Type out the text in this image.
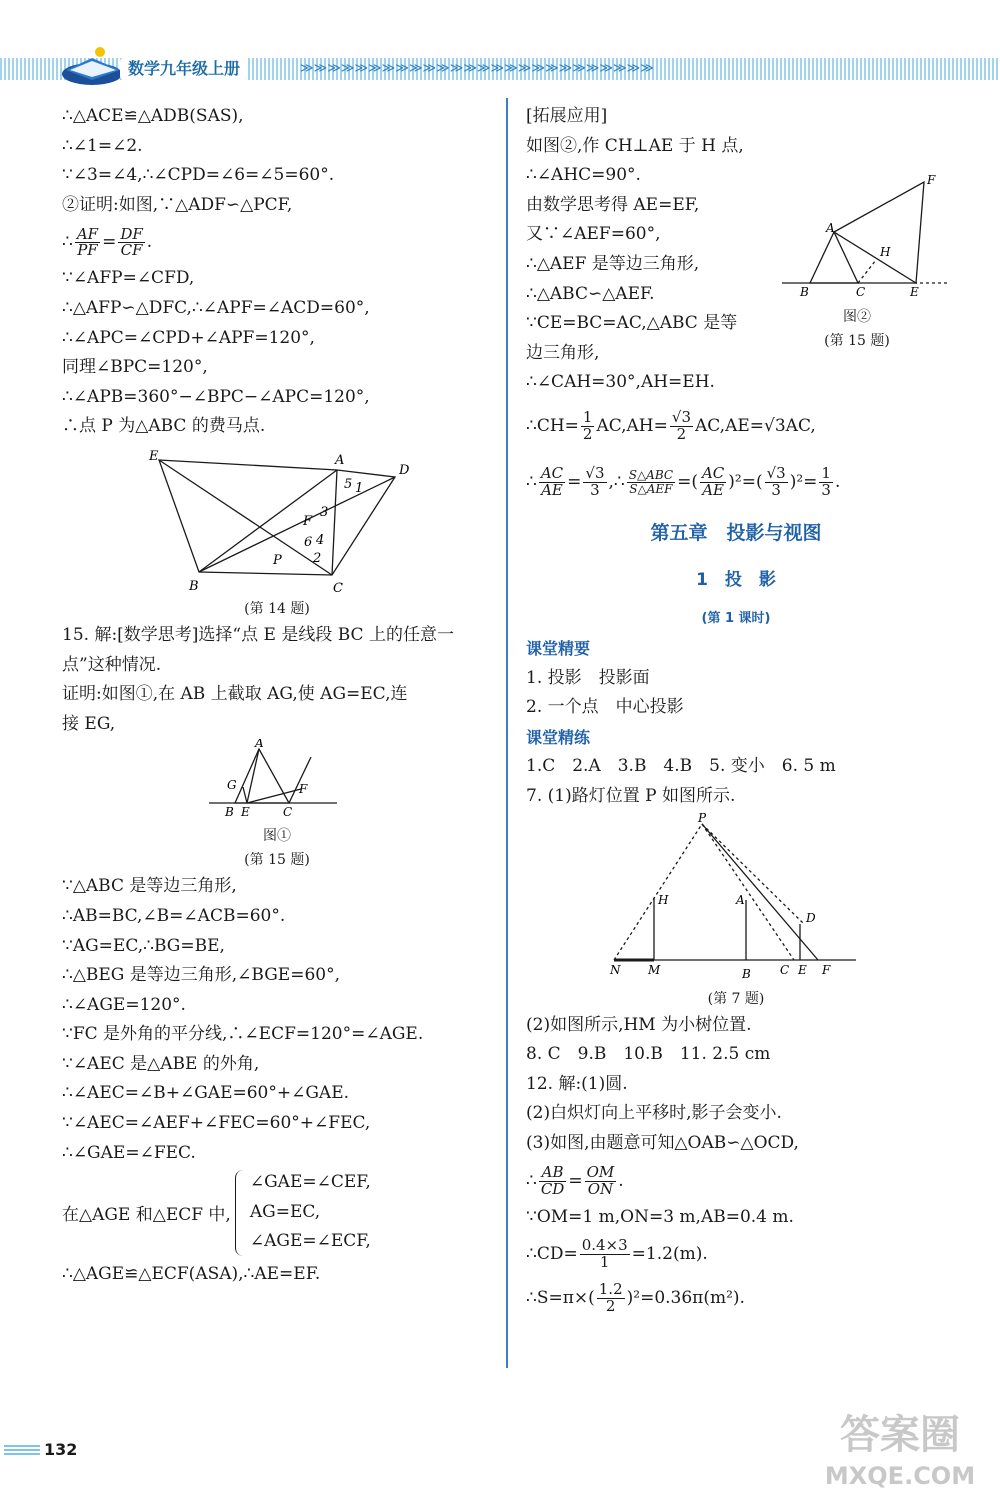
数学九年级上册	≫≫≫≫≫≫≫≫≫≫≫≫≫≫≫≫≫≫≫≫≫≫≫≫≫≫
∴△ACE≌△ADB(SAS),
∴∠1=∠2.
∵∠3=∠4,∴∠CPD=∠6=∠5=60°.
②证明:如图,∵△ADF∽△PCF,
∴ $\frac{AF}{PF} = \frac{DF}{CF}$ .
∵∠AFP=∠CFD,
∴△AFP∽△DFC,∴∠APF=∠ACD=60°,
∴∠APC=∠CPD+∠APF=120°,
同理∠BPC=120°,
∴∠APB=360°−∠BPC−∠APC=120°,
∴点 P 为△ABC 的费马点.
E	A
D
B	C
P
F
1
2
3
4
5
6
(第 14 题)
15. 解:[数学思考]选择“点 E 是线段 BC 上的任意一
点”这种情况.
证明:如图①,在 AB 上截取 AG,使 AG=EC,连
接 EG,
A
G	F
B E	C
图①
(第 15 题)
∵△ABC 是等边三角形,
∴AB=BC,∠B=∠ACB=60°.
∵AG=EC,∴BG=BE,
∴△BEG 是等边三角形,∠BGE=60°,
∴∠AGE=120°.
∵FC 是外角的平分线,∴∠ECF=120°=∠AGE.
∵∠AEC 是△ABE 的外角,
∴∠AEC=∠B+∠GAE=60°+∠GAE.
∵∠AEC=∠AEF+∠FEC=60°+∠FEC,
∴∠GAE=∠FEC.
在△AGE 和△ECF 中,
∠GAE=∠CEF,
AG=EC,
∠AGE=∠ECF,
∴△AGE≌△ECF(ASA),∴AE=EF.
[拓展应用]
如图②,作 CH⊥AE 于 H 点,
∴∠AHC=90°.
由数学思考得 AE=EF,
又∵∠AEF=60°,
∴△AEF 是等边三角形,
∴△ABC∽△AEF.
∵CE=BC=AC,△ABC 是等
边三角形,
∴∠CAH=30°,AH=EH.
F
A
H
B	C	E
图②
(第 15 题)
∴CH= $\frac{1}{2} AC,AH= \frac{√3}{2} AC,AE=√3AC$,
∴ $\frac{AC}{AE} = \frac{√3}{3}$ ,∴ $\frac{\text{S△ABC}}{\text{S△AEF}}$ =( $\frac{AC}{AE} )^2=( \frac{√3}{3} )^2= \frac{1}{3}$ .
第五章　投影与视图
1　投　影
(第 1 课时)
课堂精要
1. 投影　投影面
2. 一个点　中心投影
课堂精练
1.C　2.A　3.B　4.B　5. 变小　6. 5 m
7. (1)路灯位置 P 如图所示.
P
H	A
D
N M	B C E F
(第 7 题)
(2)如图所示,HM 为小树位置.
8. C　9.B　10.B　11. 2.5 cm
12. 解:(1)圆.
(2)白炽灯向上平移时,影子会变小.
(3)如图,由题意可知△OAB∽△OCD,
∴ $\frac{AB}{CD} = \frac{OM}{ON}$ .
∵OM=1 m,ON=3 m,AB=0.4 m.
∴CD= $\frac{0.4\times 3}{1} =1.2(m)$.
∴S=π×( $\frac{1.2}{2} )^2=0.36\pi(m^2)$.
132	答案圈
MXQE.COM
